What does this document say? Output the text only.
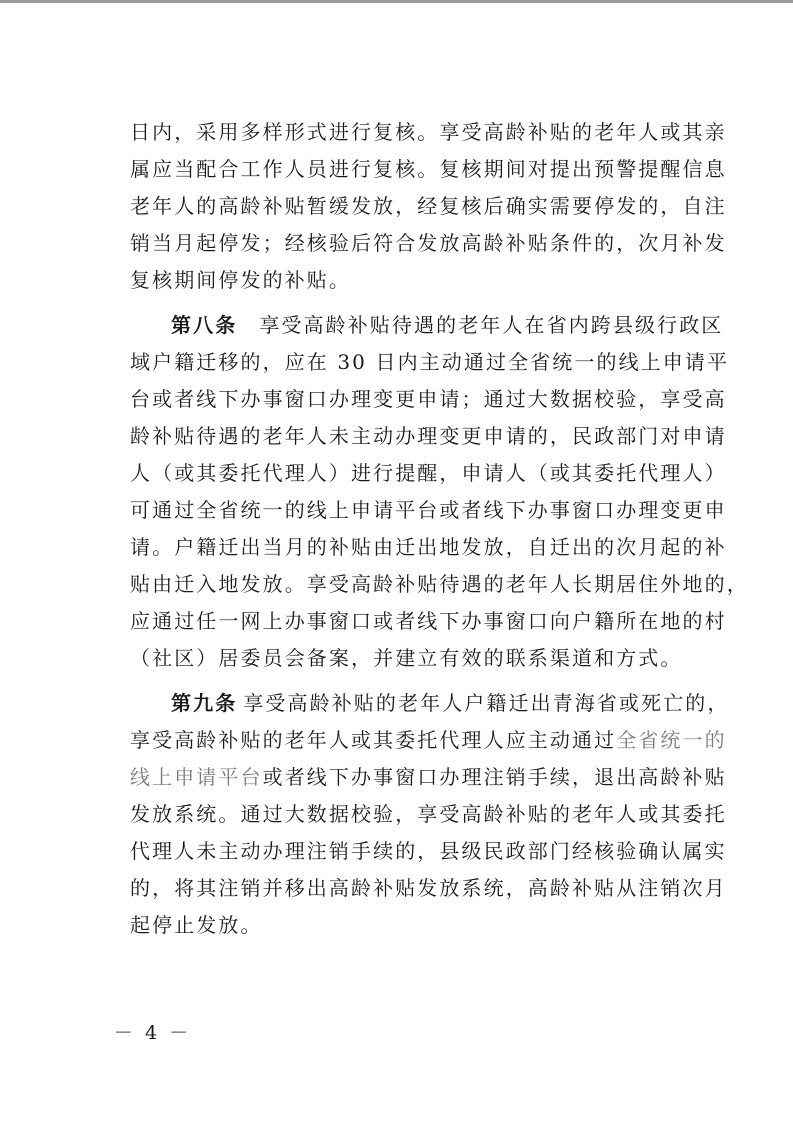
日内，采用多样形式进行复核。享受高龄补贴的老年人或其亲
属应当配合工作人员进行复核。复核期间对提出预警提醒信息
老年人的高龄补贴暂缓发放，经复核后确实需要停发的，自注
销当月起停发；经核验后符合发放高龄补贴条件的，次月补发
复核期间停发的补贴。
第八条 享受高龄补贴待遇的老年人在省内跨县级行政区
域户籍迁移的，应在 30 日内主动通过全省统一的线上申请平
台或者线下办事窗口办理变更申请；通过大数据校验，享受高
龄补贴待遇的老年人未主动办理变更申请的，民政部门对申请
人（或其委托代理人）进行提醒，申请人（或其委托代理人）
可通过全省统一的线上申请平台或者线下办事窗口办理变更申
请。户籍迁出当月的补贴由迁出地发放，自迁出的次月起的补
贴由迁入地发放。享受高龄补贴待遇的老年人长期居住外地的，
应通过任一网上办事窗口或者线下办事窗口向户籍所在地的村
（社区）居委员会备案，并建立有效的联系渠道和方式。
第九条 享受高龄补贴的老年人户籍迁出青海省或死亡的，
享受高龄补贴的老年人或其委托代理人应主动通过全省统一的
线上申请平台或者线下办事窗口办理注销手续，退出高龄补贴
发放系统。通过大数据校验，享受高龄补贴的老年人或其委托
代理人未主动办理注销手续的，县级民政部门经核验确认属实
的，将其注销并移出高龄补贴发放系统，高龄补贴从注销次月
起停止发放。
－ 4 －
